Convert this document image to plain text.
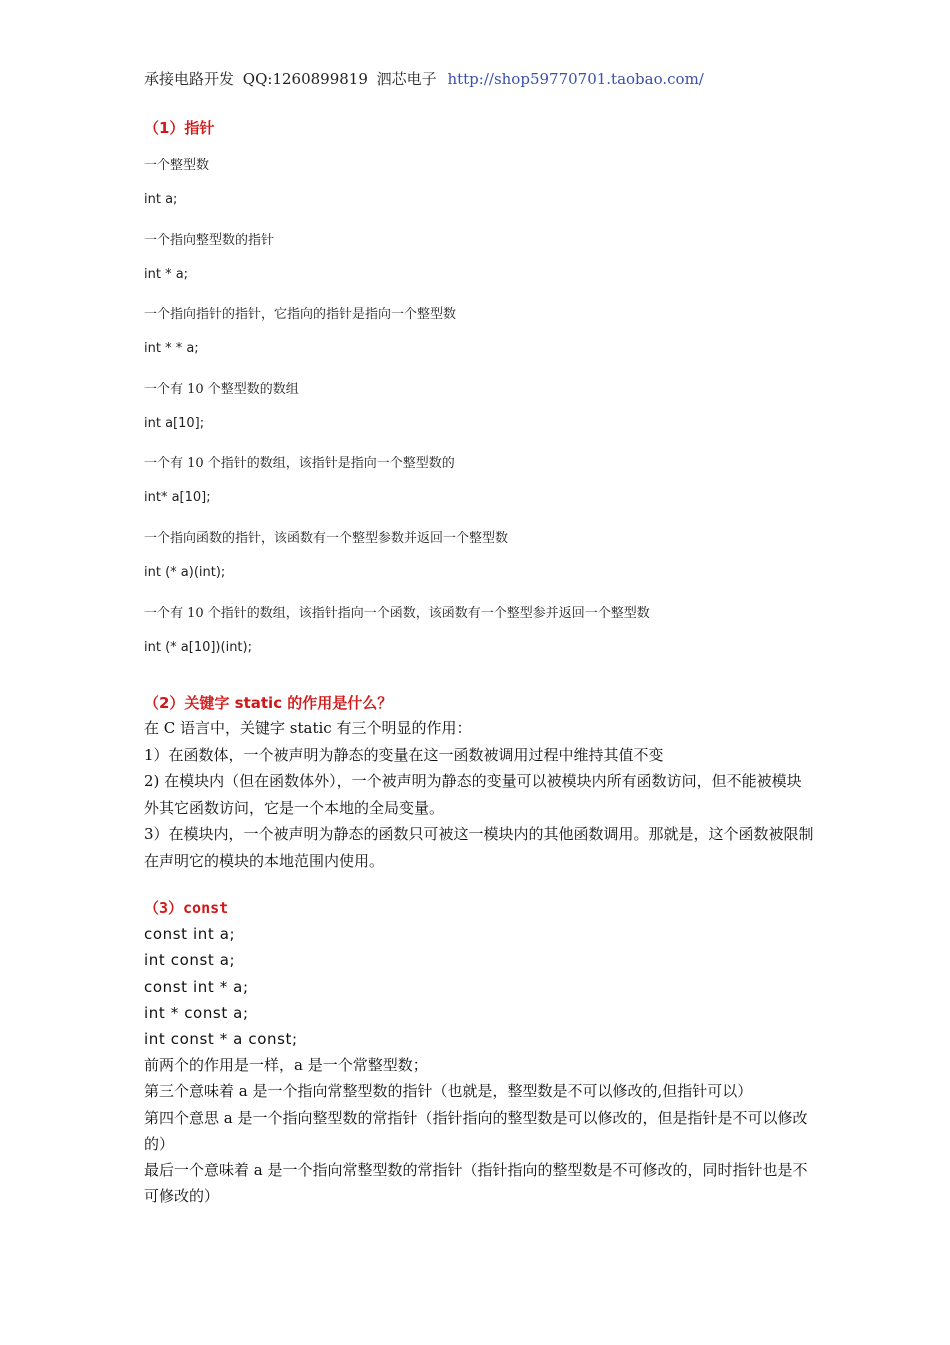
承接电路开发 QQ:1260899819 泗芯电子 http://shop59770701.taobao.com/
（1）指针
一个整型数
int a;
一个指向整型数的指针
int * a;
一个指向指针的指针，它指向的指针是指向一个整型数
int * * a;
一个有 10 个整型数的数组
int a[10];
一个有 10 个指针的数组，该指针是指向一个整型数的
int* a[10];
一个指向函数的指针，该函数有一个整型参数并返回一个整型数
int (* a)(int);
一个有 10 个指针的数组，该指针指向一个函数，该函数有一个整型参并返回一个整型数
int (* a[10])(int);
（2）关键字 static 的作用是什么？

在 C 语言中，关键字 static 有三个明显的作用：

1）在函数体，一个被声明为静态的变量在这一函数被调用过程中维持其值不变

2) 在模块内（但在函数体外），一个被声明为静态的变量可以被模块内所有函数访问，但不能被模块外其它函数访问，它是一个本地的全局变量。

3）在模块内，一个被声明为静态的函数只可被这一模块内的其他函数调用。那就是，这个函数被限制在声明它的模块的本地范围内使用。

（3）const

const int a;

int const a;

const int * a;

int * const a;

int const * a const;

前两个的作用是一样，a 是一个常整型数；

第三个意味着 a 是一个指向常整型数的指针（也就是，整型数是不可以修改的,但指针可以）

第四个意思 a 是一个指向整型数的常指针（指针指向的整型数是可以修改的，但是指针是不可以修改的）

最后一个意味着 a 是一个指向常整型数的常指针（指针指向的整型数是不可修改的，同时指针也是不可修改的）
